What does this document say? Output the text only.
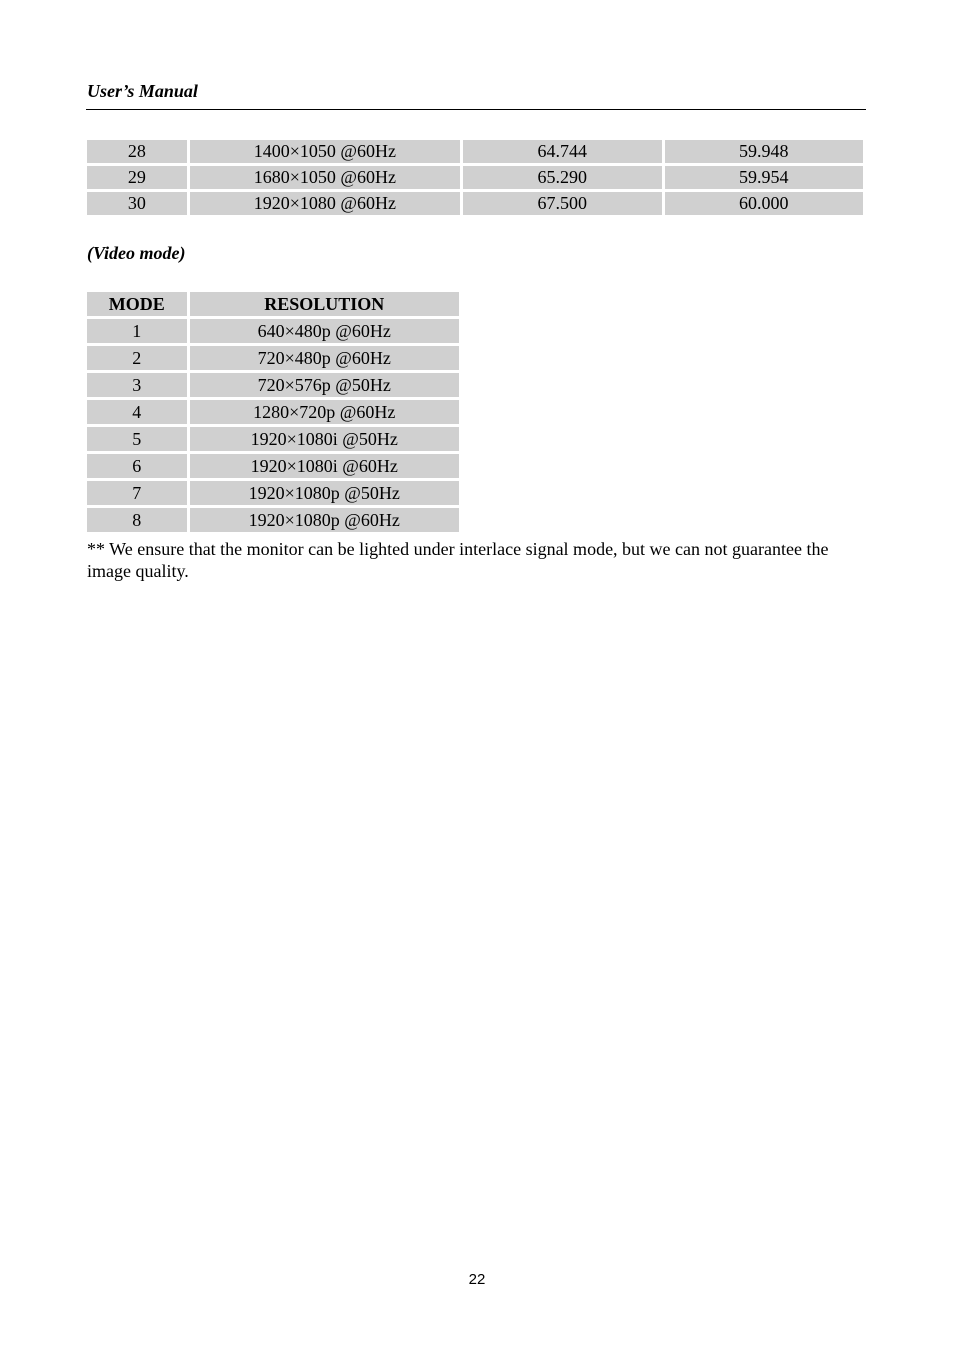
User’s Manual
28	1400×1050 @60Hz	64.744	59.948
29	1680×1050 @60Hz	65.290	59.954
30	1920×1080 @60Hz	67.500	60.000
(Video mode)
MODE	RESOLUTION
1	640×480p @60Hz
2	720×480p @60Hz
3	720×576p @50Hz
4	1280×720p @60Hz
5	1920×1080i @50Hz
6	1920×1080i @60Hz
7	1920×1080p @50Hz
8	1920×1080p @60Hz
** We ensure that the monitor can be lighted under interlace signal mode, but we can not guarantee the image quality.
22
